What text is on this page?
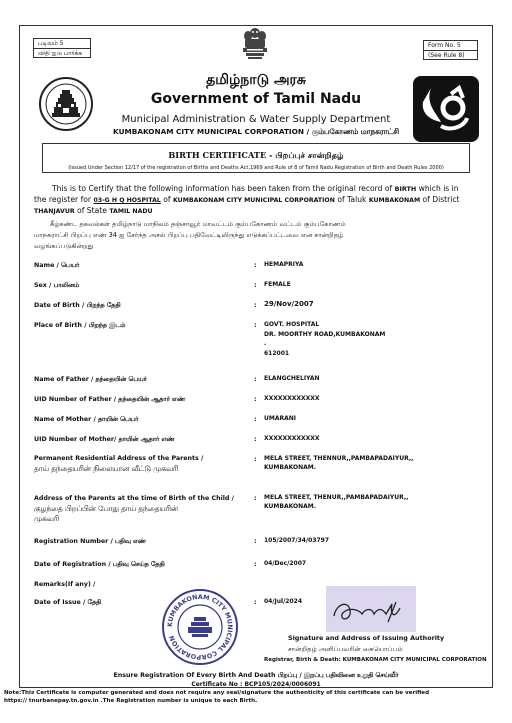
படிவம் 5
விதி ஐடு பார்க்க
Form No. 5
(See Rule 8)
தமிழ்நாடு அரசு
Government of Tamil Nadu
Municipal Administration & Water Supply Department
KUMBAKONAM CITY MUNICIPAL CORPORATION / கும்பகோணம் மாநகராட்சி
BIRTH CERTIFICATE - பிறப்புச் சான்றிதழ்
(Issued Under Section 12/17 of the registration of Births and Deaths Act,1969 and Rule of 8 of Tamil Nadu Registration of Birth and Death Rules 2000)
This is to Certify that the following information has been taken from the original record of BIRTH which is in
the register for 03-G H Q HOSPITAL of KUMBAKONAM CITY MUNICIPAL CORPORATION of Taluk KUMBAKONAM of District
THANJAVUR of State TAMIL NADU
கீழ்கண்ட தகவல்கள் தமிழ்நாடு மாநிலம் தஞ்சாவூர் மாவட்டம் கும்பகோணம் வட்டம் கும்பகோணம்
மாநகராட்சி பிறப்பு எண் 34 ஐ சேர்ந்த அசல் பிறப்பு பதிவேட்டிலிருந்து எடுக்கப்பட்டவை என சான்றிதழ்
வழங்கப்படுகின்றது
Name / பெயர்	: HEMAPRIYA
Sex / பாலினம்	: FEMALE
Date of Birth / பிறந்த தேதி	: 29/Nov/2007
Place of Birth / பிறந்த இடம்	: GOVT. HOSPITAL
DR. MOORTHY ROAD,KUMBAKONAM
.
612001
Name of Father / தந்தையின் பெயர்	: ELANGCHELIYAN
UID Number of Father / தந்தையின் ஆதார் எண்	: XXXXXXXXXXXX
Name of Mother / தாயின் பெயர்	: UMARANI
UID Number of Mother/ தாயின் ஆதார் எண்	: XXXXXXXXXXXX
Permanent Residential Address of the Parents /
தாய் தந்தையரின் நிலையான வீட்டு முகவரி
: MELA STREET, THENNUR,,PAMBAPADAIYUR,,
KUMBAKONAM.
Address of the Parents at the time of Birth of the Child /
குழந்தை பிறப்பின் போது தாய் தந்தையரின்
முகவரி
: MELA STREET, THENUR,,PAMBAPADAIYUR,,
KUMBAKONAM.
Registration Number / பதிவு எண்	: 105/2007/34/03797
Date of Registration / பதிவு செய்த தேதி	: 04/Dec/2007
Remarks(If any) /
Date of Issue / தேதி	: 04/Jul/2024
KUMBAKONAM CITY MUNICIPAL CORPORATION	Signature and Address of Issuing Authority
சான்றிதழ் அளிப்பவரின் கையொப்பம்
Registrar, Birth & Death: KUMBAKONAM CITY MUNICIPAL CORPORATION
Ensure Registration Of Every Birth And Death பிறப்பு / இறப்பு பதிவினை உறுதி செய்வீர்
Certificate No : BCP105/2024/0006091
Note:This Certificate is computer generated and does not require any seal/signature the authenticity of this certificate can be verified
https:// tnurbanepay.tn.gov.in .The Registration number is unique to each Birth.
